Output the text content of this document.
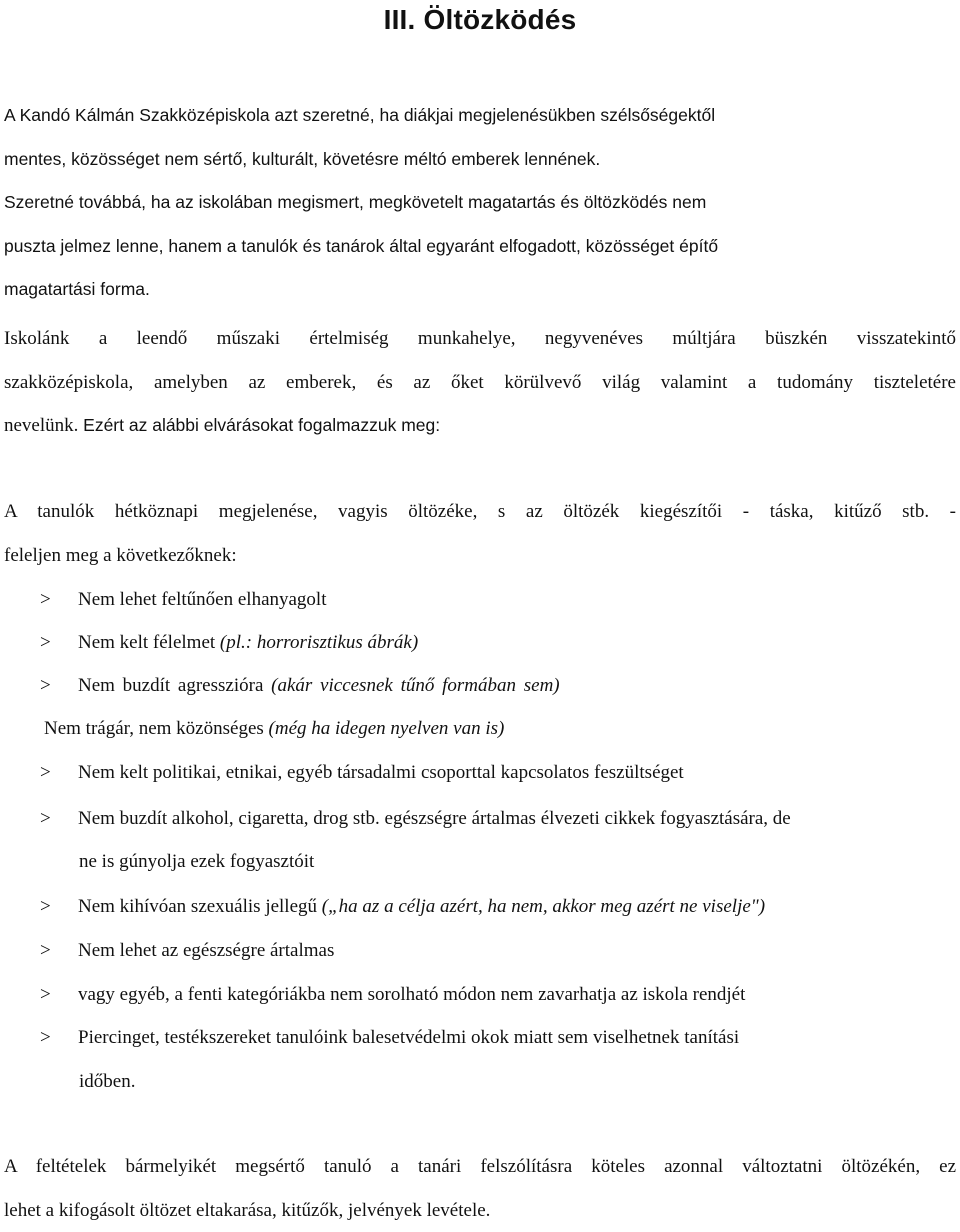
III. Öltözködés
A Kandó Kálmán Szakközépiskola azt szeretné, ha diákjai megjelenésükben szélsőségektől
mentes, közösséget nem sértő, kulturált, követésre méltó emberek lennének.
Szeretné továbbá, ha az iskolában megismert, megkövetelt magatartás és öltözködés nem
puszta jelmez lenne, hanem a tanulók és tanárok által egyaránt elfogadott, közösséget építő
magatartási forma.
Iskolánk a leendő műszaki értelmiség munkahelye, negyvenéves múltjára büszkén visszatekintő
szakközépiskola, amelyben az emberek, és az őket körülvevő világ valamint a tudomány tiszteletére
nevelünk. Ezért az alábbi elvárásokat fogalmazzuk meg:
A tanulók hétköznapi megjelenése, vagyis öltözéke, s az öltözék kiegészítői - táska, kitűző stb. -
feleljen meg a következőknek:
>	Nem lehet feltűnően elhanyagolt
>	Nem kelt félelmet (pl.: horrorisztikus ábrák)
>	Nem buzdít agresszióra (akár viccesnek tűnő formában sem)
Nem trágár, nem közönséges (még ha idegen nyelven van is)
>	Nem kelt politikai, etnikai, egyéb társadalmi csoporttal kapcsolatos feszültséget
>	Nem buzdít alkohol, cigaretta, drog stb. egészségre ártalmas élvezeti cikkek fogyasztására, de
ne is gúnyolja ezek fogyasztóit
>	Nem kihívóan szexuális jellegű („ha az a célja azért, ha nem, akkor meg azért ne viselje")
>	Nem lehet az egészségre ártalmas
>	vagy egyéb, a fenti kategóriákba nem sorolható módon nem zavarhatja az iskola rendjét
>	Piercinget, testékszereket tanulóink balesetvédelmi okok miatt sem viselhetnek tanítási
időben.
A feltételek bármelyikét megsértő tanuló a tanári felszólításra köteles azonnal változtatni öltözékén, ez
lehet a kifogásolt öltözet eltakarása, kitűzők, jelvények levétele.
